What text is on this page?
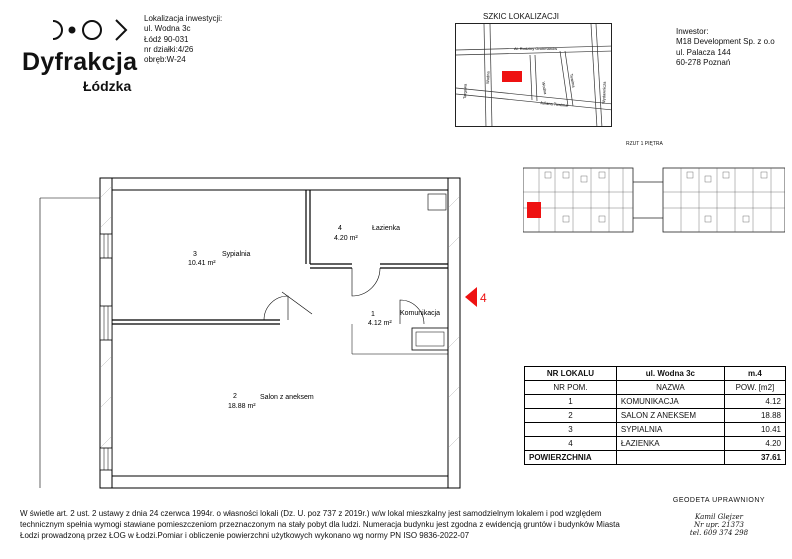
Dyfrakcja
Łódzka
Lokalizacja inwestycji:
ul. Wodna 3c
Łódź 90-031
nr działki:4/26
obręb:W-24
SZKIC LOKALIZACJI
Al. Rodziny Grohmanów
Wodna
Targowa
Juliana Tuwima	Wydawnicza
Wodna	Tuwima
Inwestor:
M18 Development Sp. z o.o
ul. Palacza 144
60-278 Poznań
RZUT 1 PIĘTRA
3	Sypialnia
10.41 m²
4	Łazienka
4.20 m²
1	Komunikacja
4.12 m²
2	Salon z aneksem
18.88 m²
4
NR LOKALU	ul. Wodna 3c	m.4
NR POM.	NAZWA	POW. [m2]
1	KOMUNIKACJA	4.12
2	SALON Z ANEKSEM	18.88
3	SYPIALNIA	10.41
4	ŁAZIENKA	4.20
POWIERZCHNIA		37.61
W świetle art. 2 ust. 2 ustawy z dnia 24 czerwca 1994r. o własności lokali (Dz. U. poz 737 z 2019r.) w/w lokal mieszkalny jest samodzielnym lokalem i pod względem
technicznym spełnia wymogi stawiane pomieszczeniom przeznaczonym na stały pobyt dla ludzi. Numeracja budynku jest zgodna z ewidencją gruntów i budynków Miasta
Łodzi prowadzoną przez ŁOG w Łodzi.Pomiar i obliczenie powierzchni użytkowych wykonano wg normy PN ISO 9836-2022-07
GEODETA UPRAWNIONY
Kamil Glejzer
Nr upr. 21373
tel. 609 374 298
